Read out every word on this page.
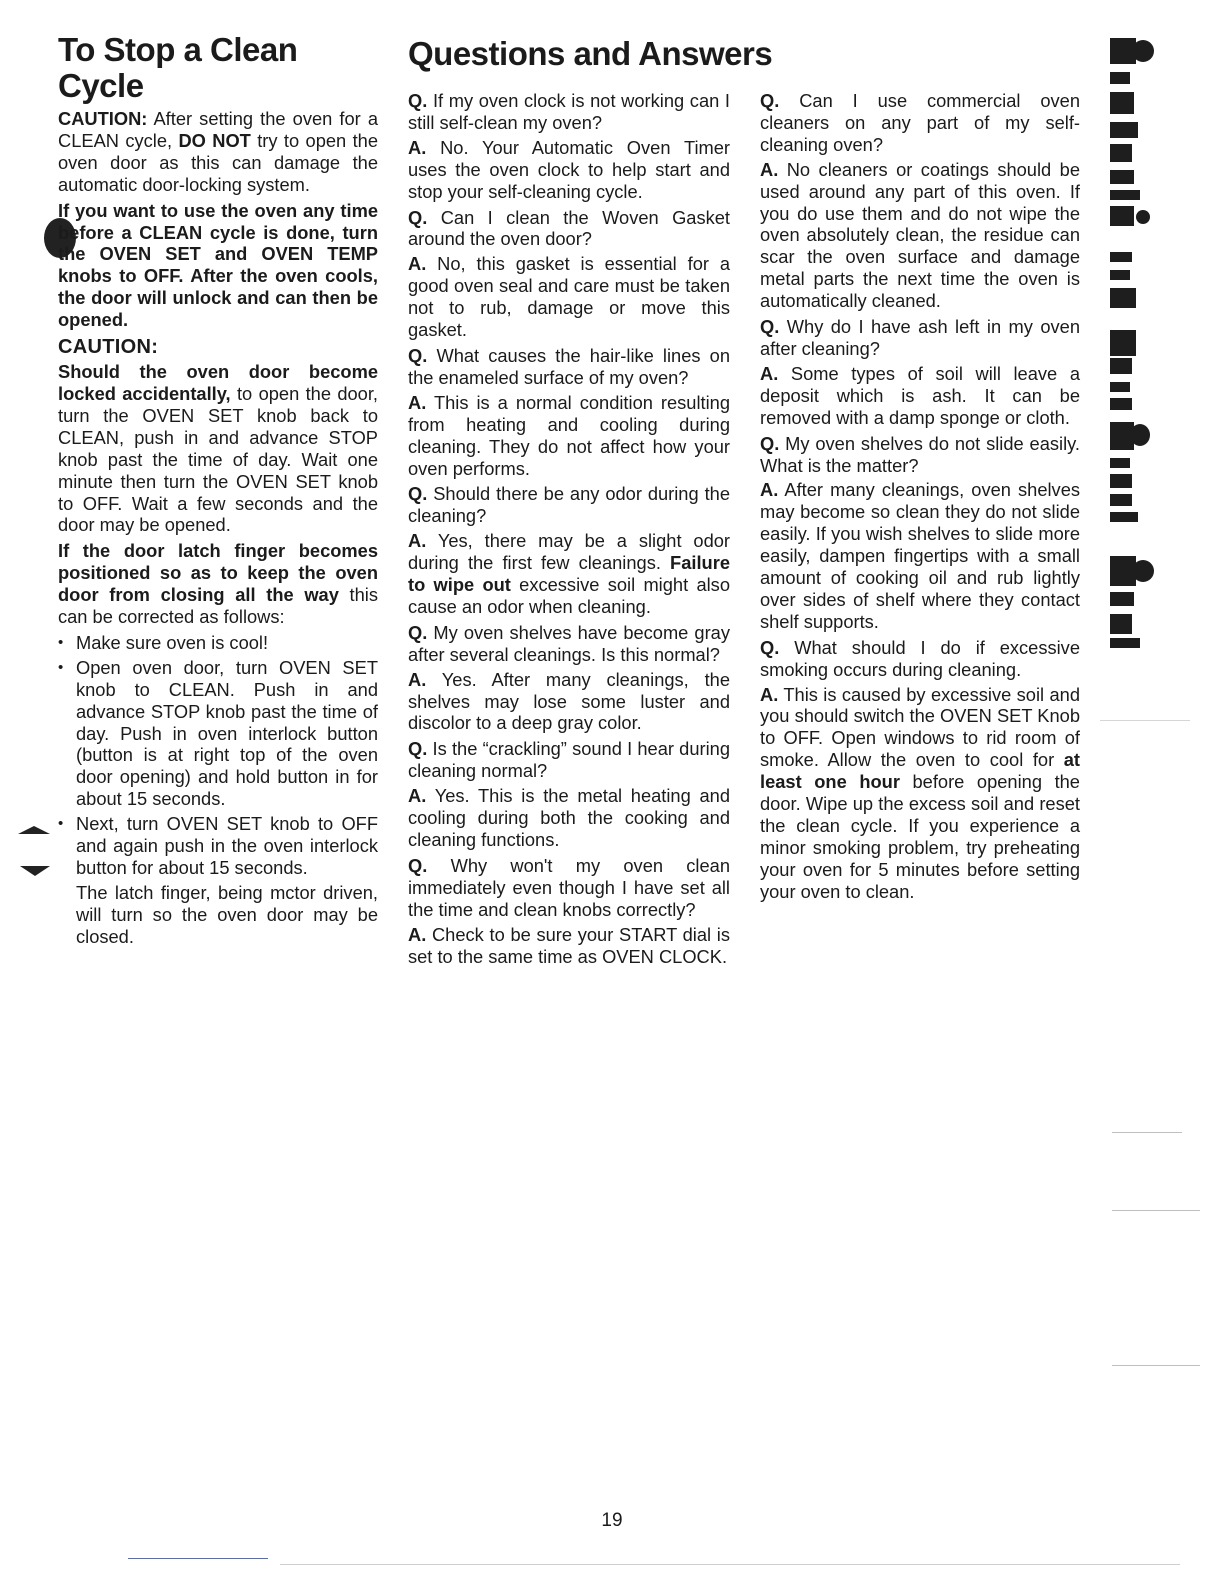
To Stop a Clean Cycle

CAUTION: After setting the oven for a CLEAN cycle, DO NOT try to open the oven door as this can damage the automatic door-locking system.

If you want to use the oven any time before a CLEAN cycle is done, turn the OVEN SET and OVEN TEMP knobs to OFF. After the oven cools, the door will unlock and can then be opened.

CAUTION:

Should the oven door become locked accidentally, to open the door, turn the OVEN SET knob back to CLEAN, push in and advance STOP knob past the time of day. Wait one minute then turn the OVEN SET knob to OFF. Wait a few seconds and the door may be opened.

If the door latch finger becomes positioned so as to keep the oven door from closing all the way this can be corrected as follows:

• Make sure oven is cool!
• Open oven door, turn OVEN SET knob to CLEAN. Push in and advance STOP knob past the time of day. Push in oven interlock button (button is at right top of the oven door opening) and hold button in for about 15 seconds.
• Next, turn OVEN SET knob to OFF and again push in the oven interlock button for about 15 seconds.

The latch finger, being mctor driven, will turn so the oven door may be closed.

Questions and Answers

Q. If my oven clock is not working can I still self-clean my oven?

A. No. Your Automatic Oven Timer uses the oven clock to help start and stop your self-cleaning cycle.

Q. Can I clean the Woven Gasket around the oven door?

A. No, this gasket is essential for a good oven seal and care must be taken not to rub, damage or move this gasket.

Q. What causes the hair-like lines on the enameled surface of my oven?

A. This is a normal condition resulting from heating and cooling during cleaning. They do not affect how your oven performs.

Q. Should there be any odor during the cleaning?

A. Yes, there may be a slight odor during the first few cleanings. Failure to wipe out excessive soil might also cause an odor when cleaning.

Q. My oven shelves have become gray after several cleanings. Is this normal?

A. Yes. After many cleanings, the shelves may lose some luster and discolor to a deep gray color.

Q. Is the “crackling” sound I hear during cleaning normal?

A. Yes. This is the metal heating and cooling during both the cooking and cleaning functions.

Q. Why won't my oven clean immediately even though I have set all the time and clean knobs correctly?

A. Check to be sure your START dial is set to the same time as OVEN CLOCK.

Q. Can I use commercial oven cleaners on any part of my self-cleaning oven?

A. No cleaners or coatings should be used around any part of this oven. If you do use them and do not wipe the oven absolutely clean, the residue can scar the oven surface and damage metal parts the next time the oven is automatically cleaned.

Q. Why do I have ash left in my oven after cleaning?

A. Some types of soil will leave a deposit which is ash. It can be removed with a damp sponge or cloth.

Q. My oven shelves do not slide easily. What is the matter?

A. After many cleanings, oven shelves may become so clean they do not slide easily. If you wish shelves to slide more easily, dampen fingertips with a small amount of cooking oil and rub lightly over sides of shelf where they contact shelf supports.

Q. What should I do if excessive smoking occurs during cleaning.

A. This is caused by excessive soil and you should switch the OVEN SET Knob to OFF. Open windows to rid room of smoke. Allow the oven to cool for at least one hour before opening the door. Wipe up the excess soil and reset the clean cycle. If you experience a minor smoking problem, try preheating your oven for 5 minutes before setting your oven to clean.

19
